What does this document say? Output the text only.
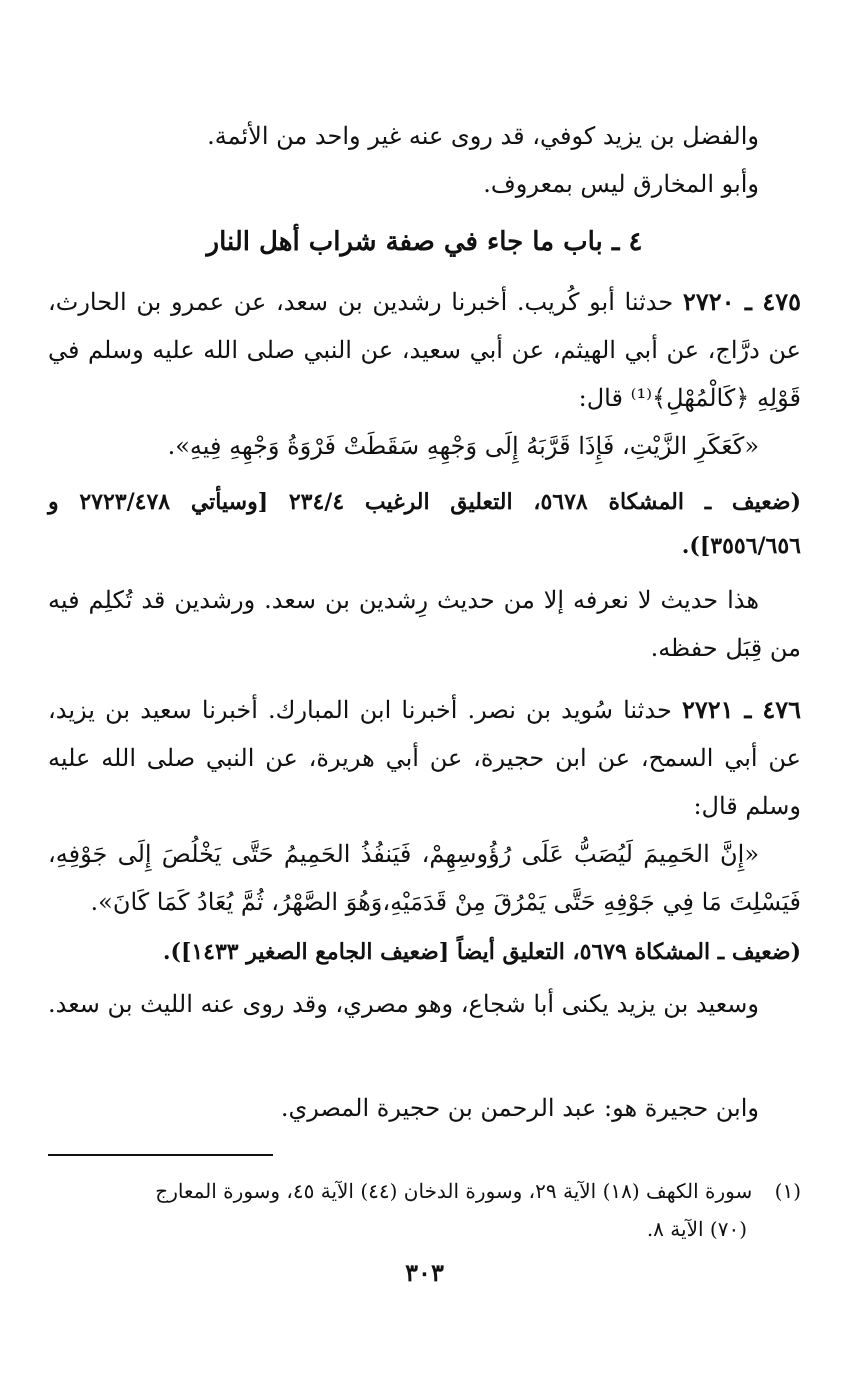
والفضل بن يزيد كوفي، قد روى عنه غير واحد من الأئمة.
وأبو المخارق ليس بمعروف.
٤ ـ باب ما جاء في صفة شراب أهل النار
٤٧٥ ـ ٢٧٢٠ حدثنا أبو كُريب. أخبرنا رشدين بن سعد، عن عمرو بن الحارث، عن درَّاج، عن أبي الهيثم، عن أبي سعيد، عن النبي صلى الله عليه وسلم في قَوْلِهِ ﴿كَالْمُهْلِ﴾⁽¹⁾ قال:
«كَعَكَرِ الزَّيْتِ، فَإِذَا قَرَّبَهُ إِلَى وَجْهِهِ سَقَطَتْ فَرْوَةُ وَجْهِهِ فِيهِ».
(ضعيف ـ المشكاة ٥٦٧٨، التعليق الرغيب ٢٣٤/٤ [وسيأتي ٢٧٢٣/٤٧٨ و ٣٥٥٦/٦٥٦]).
هذا حديث لا نعرفه إلا من حديث رِشدين بن سعد. ورشدين قد تُكلِم فيه من قِبَل حفظه.
٤٧٦ ـ ٢٧٢١ حدثنا سُويد بن نصر. أخبرنا ابن المبارك. أخبرنا سعيد بن يزيد، عن أبي السمح، عن ابن حجيرة، عن أبي هريرة، عن النبي صلى الله عليه وسلم قال:
«إِنَّ الحَمِيمَ لَيُصَبُّ عَلَى رُؤُوسِهِمْ، فَيَنفُذُ الحَمِيمُ حَتَّى يَخْلُصَ إِلَى جَوْفِهِ، فَيَسْلِتَ مَا فِي جَوْفِهِ حَتَّى يَمْرُقَ مِنْ قَدَمَيْهِ،وَهُوَ الصَّهْرُ، ثُمَّ يُعَادُ كَمَا كَانَ».
(ضعيف ـ المشكاة ٥٦٧٩، التعليق أيضاً [ضعيف الجامع الصغير ١٤٣٣]).
وسعيد بن يزيد يكنى أبا شجاع، وهو مصري، وقد روى عنه الليث بن سعد.
وابن حجيرة هو: عبد الرحمن بن حجيرة المصري.
(١) سورة الكهف (١٨) الآية ٢٩، وسورة الدخان (٤٤) الآية ٤٥، وسورة المعارج
(٧٠) الآية ٨.
٣٠٣
